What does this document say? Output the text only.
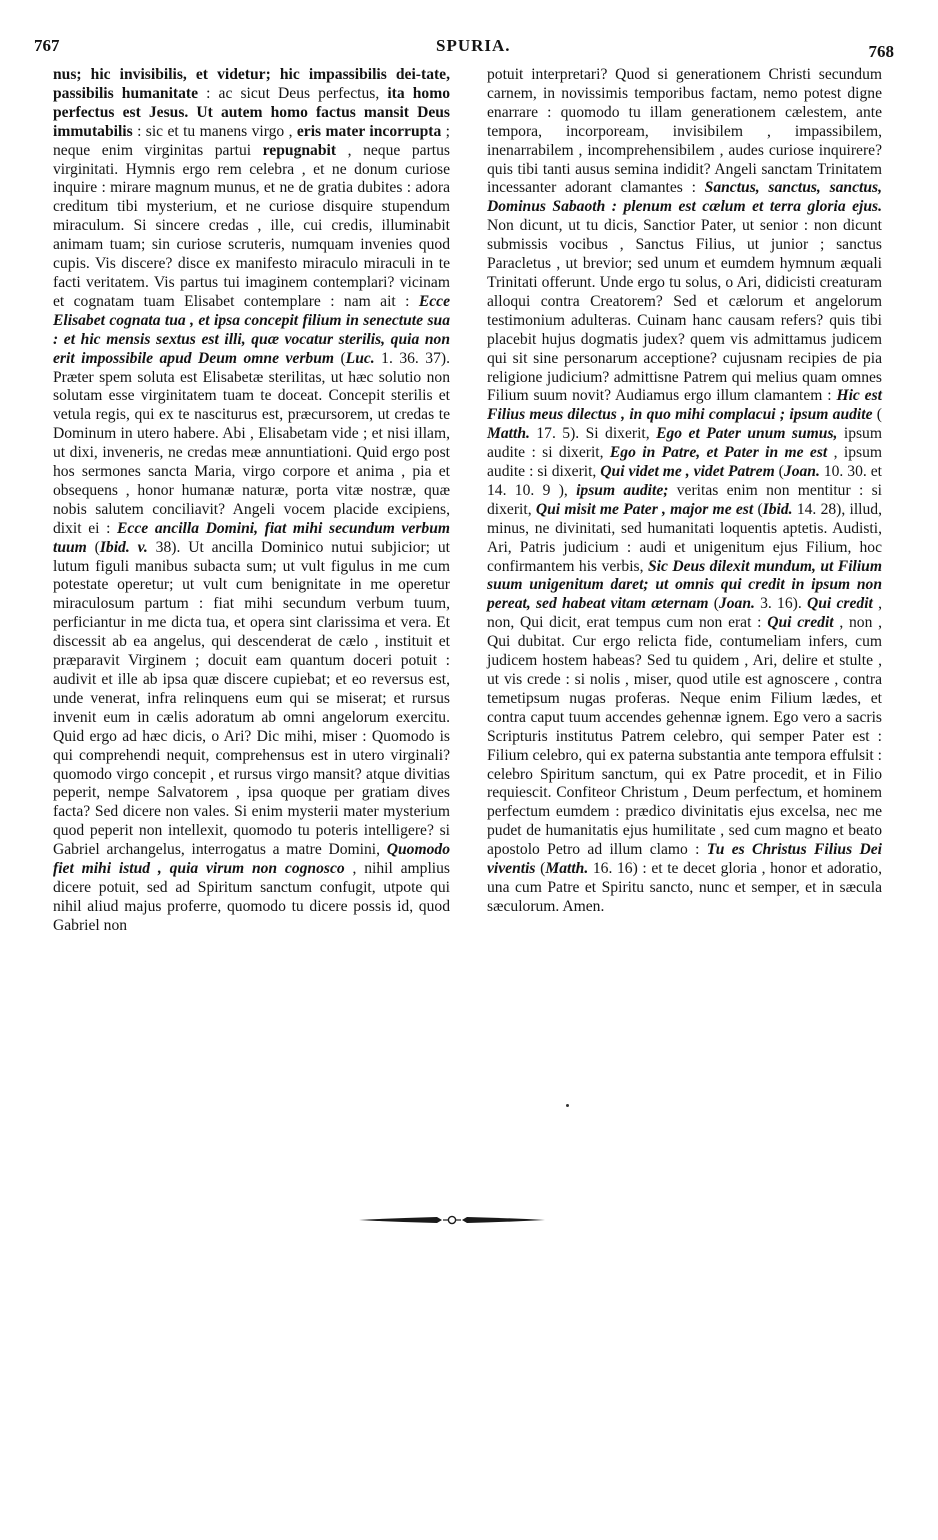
767	SPURIA.	768

nus; hic invisibilis, et videtur; hic impassibilis dei-tate, passibilis humanitate : ac sicut Deus perfectus, ita homo perfectus est Jesus. Ut autem homo factus mansit Deus immutabilis : sic et tu manens virgo , eris mater incorrupta ; neque enim virginitas partui repugnabit , neque partus virginitati. Hymnis ergo rem celebra , et ne donum curiose inquire : mirare magnum munus, et ne de gratia dubites : adora creditum tibi mysterium, et ne curiose disquire stupendum miraculum. Si sincere credas , ille, cui credis, illuminabit animam tuam; sin curiose scruteris, numquam invenies quod cupis. Vis discere? disce ex manifesto miraculo miraculi in te facti veritatem. Vis partus tui imaginem contemplari? vicinam et cognatam tuam Elisabet contemplare : nam ait : Ecce Elisabet cognata tua , et ipsa concepit filium in senectute sua : et hic mensis sextus est illi, quæ vocatur sterilis, quia non erit impossibile apud Deum omne verbum (Luc. 1. 36. 37). Præter spem soluta est Elisabetæ sterilitas, ut hæc solutio non solutam esse virginitatem tuam te doceat. Concepit sterilis et vetula regis, qui ex te nasciturus est, præcursorem, ut credas te Dominum in utero habere. Abi , Elisabetam vide ; et nisi illam, ut dixi, inveneris, ne credas meæ annuntiationi. Quid ergo post hos sermones sancta Maria, virgo corpore et anima , pia et obsequens , honor humanæ naturæ, porta vitæ nostræ, quæ nobis salutem conciliavit? Angeli vocem placide excipiens, dixit ei : Ecce ancilla Domini, fiat mihi secundum verbum tuum (Ibid. v. 38). Ut ancilla Dominico nutui subjicior; ut lutum figuli manibus subacta sum; ut vult figulus in me cum potestate operetur; ut vult cum benignitate in me operetur miraculosum partum : fiat mihi secundum verbum tuum, perficiantur in me dicta tua, et opera sint clarissima et vera. Et discessit ab ea angelus, qui descenderat de cælo , instituit et præparavit Virginem ; docuit eam quantum doceri potuit : audivit et ille ab ipsa quæ discere cupiebat; et eo reversus est, unde venerat, infra relinquens eum qui se miserat; et rursus invenit eum in cælis adoratum ab omni angelorum exercitu. Quid ergo ad hæc dicis, o Ari? Dic mihi, miser : Quomodo is qui comprehendi nequit, comprehensus est in utero virginali? quomodo virgo concepit , et rursus virgo mansit? atque divitias peperit, nempe Salvatorem , ipsa quoque per gratiam dives facta? Sed dicere non vales. Si enim mysterii mater mysterium quod peperit non intellexit, quomodo tu poteris intelligere? si Gabriel archangelus, interrogatus a matre Domini, Quomodo fiet mihi istud , quia virum non cognosco , nihil amplius dicere potuit, sed ad Spiritum sanctum confugit, utpote qui nihil aliud majus proferre, quomodo tu dicere possis id, quod Gabriel non

potuit interpretari? Quod si generationem Christi secundum carnem, in novissimis temporibus factam, nemo potest digne enarrare : quomodo tu illam generationem cælestem, ante tempora, incorpoream, invisibilem , impassibilem, inenarrabilem , incomprehensibilem , audes curiose inquirere? quis tibi tanti ausus semina indidit? Angeli sanctam Trinitatem incessanter adorant clamantes : Sanctus, sanctus, sanctus, Dominus Sabaoth : plenum est cælum et terra gloria ejus. Non dicunt, ut tu dicis, Sanctior Pater, ut senior : non dicunt submissis vocibus , Sanctus Filius, ut junior ; sanctus Paracletus , ut brevior; sed unum et eumdem hymnum æquali Trinitati offerunt. Unde ergo tu solus, o Ari, didicisti creaturam alloqui contra Creatorem? Sed et cælorum et angelorum testimonium adulteras. Cuinam hanc causam refers? quis tibi placebit hujus dogmatis judex? quem vis admittamus judicem qui sit sine personarum acceptione? cujusnam recipies de pia religione judicium? admittisne Patrem qui melius quam omnes Filium suum novit? Audiamus ergo illum clamantem : Hic est Filius meus dilectus , in quo mihi complacui ; ipsum audite ( Matth. 17. 5). Si dixerit, Ego et Pater unum sumus, ipsum audite : si dixerit, Ego in Patre, et Pater in me est , ipsum audite : si dixerit, Qui videt me , videt Patrem (Joan. 10. 30. et 14. 10. 9 ), ipsum audite; veritas enim non mentitur : si dixerit, Qui misit me Pater , major me est (Ibid. 14. 28), illud, minus, ne divinitati, sed humanitati loquentis aptetis. Audisti, Ari, Patris judicium : audi et unigenitum ejus Filium, hoc confirmantem his verbis, Sic Deus dilexit mundum, ut Filium suum unigenitum daret; ut omnis qui credit in ipsum non pereat, sed habeat vitam æternam (Joan. 3. 16). Qui credit , non, Qui dicit, erat tempus cum non erat : Qui credit , non , Qui dubitat. Cur ergo relicta fide, contumeliam infers, cum judicem hostem habeas? Sed tu quidem , Ari, delire et stulte , ut vis crede : si nolis , miser, quod utile est agnoscere , contra temetipsum nugas proferas. Neque enim Filium lædes, et contra caput tuum accendes gehennæ ignem. Ego vero a sacris Scripturis institutus Patrem celebro, qui semper Pater est : Filium celebro, qui ex paterna substantia ante tempora effulsit : celebro Spiritum sanctum, qui ex Patre procedit, et in Filio requiescit. Confiteor Christum , Deum perfectum, et hominem perfectum eumdem : prædico divinitatis ejus excelsa, nec me pudet de humanitatis ejus humilitate , sed cum magno et beato apostolo Petro ad illum clamo : Tu es Christus Filius Dei viventis (Matth. 16. 16) : et te decet gloria , honor et adoratio, una cum Patre et Spiritu sancto, nunc et semper, et in sæcula sæculorum. Amen.
